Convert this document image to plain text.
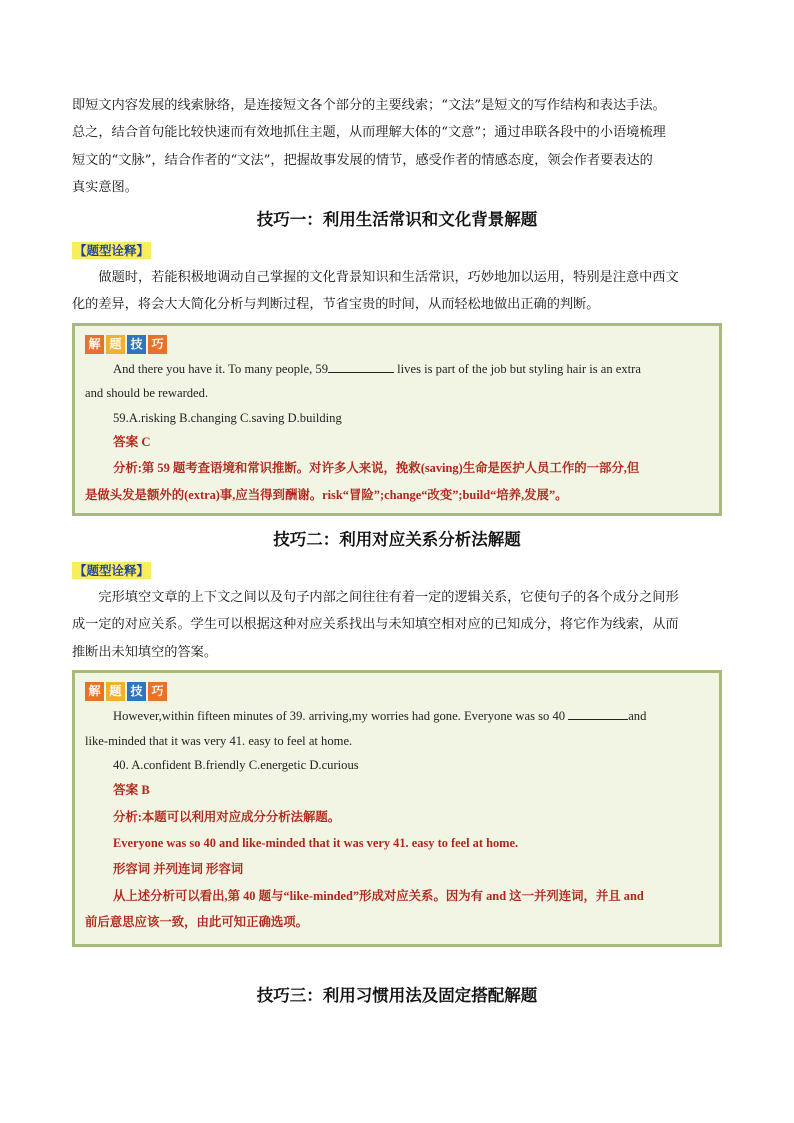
即短文内容发展的线索脉络，是连接短文各个部分的主要线索；“文法”是短文的写作结构和表达手法。

总之，结合首句能比较快速而有效地抓住主题，从而理解大体的“文意”；通过串联各段中的小语境梳理

短文的“文脉”，结合作者的“文法”，把握故事发展的情节，感受作者的情感态度，领会作者要表达的

真实意图。

技巧一：利用生活常识和文化背景解题
【题型诠释】

做题时，若能积极地调动自己掌握的文化背景知识和生活常识，巧妙地加以运用，特别是注意中西文

化的差异，将会大大简化分析与判断过程，节省宝贵的时间，从而轻松地做出正确的判断。

解 题 技 巧
And there you have it. To many people, 59	lives is part of the job but styling hair is an extra
and should be rewarded.
59.A.risking B.changing C.saving D.building
答案 C
分析:第 59 题考查语境和常识推断。对许多人来说，挽救(saving)生命是医护人员工作的一部分,但
是做头发是额外的(extra)事,应当得到酬谢。risk“冒险”;change“改变”;build“培养,发展”。
技巧二：利用对应关系分析法解题
【题型诠释】

完形填空文章的上下文之间以及句子内部之间往往有着一定的逻辑关系，它使句子的各个成分之间形

成一定的对应关系。学生可以根据这种对应关系找出与未知填空相对应的已知成分，将它作为线索，从而

推断出未知填空的答案。

解 题 技 巧
However,within fifteen minutes of 39. arriving,my worries had gone. Everyone was so 40	and
like-minded that it was very 41. easy to feel at home.
40. A.confident B.friendly C.energetic D.curious
答案 B
分析:本题可以利用对应成分分析法解题。
Everyone was so 40 and like-minded that it was very 41. easy to feel at home.
形容词 并列连词 形容词
从上述分析可以看出,第 40 题与“like-minded”形成对应关系。因为有 and 这一并列连词，并且 and
前后意思应该一致，由此可知正确选项。
技巧三：利用习惯用法及固定搭配解题
